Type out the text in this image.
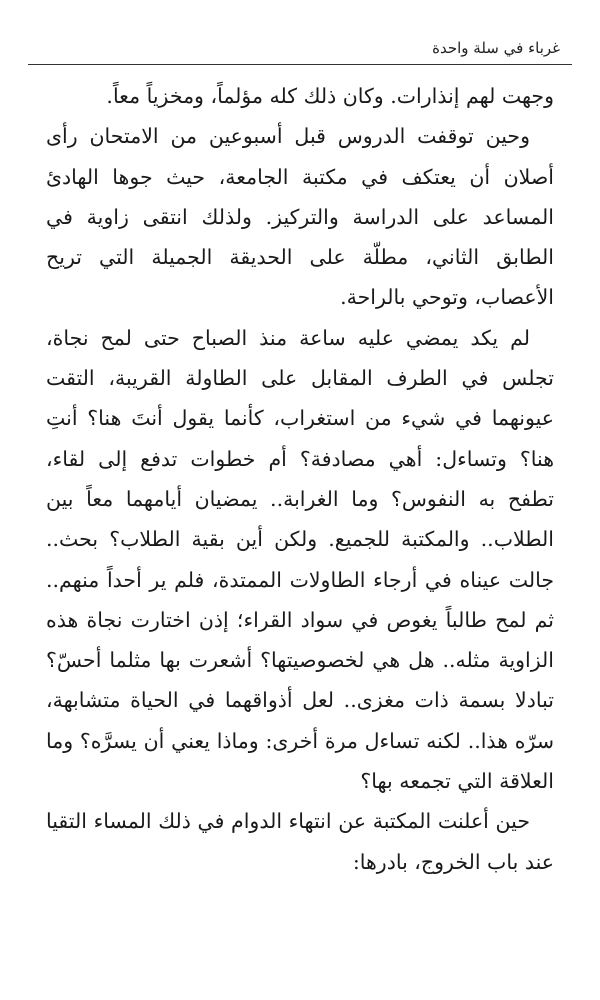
غرباء في سلة واحدة

وجهت لهم إنذارات. وكان ذلك كله مؤلماً، ومخزياً معاً.

وحين توقفت الدروس قبل أسبوعين من الامتحان رأى أصلان أن يعتكف في مكتبة الجامعة، حيث جوها الهادئ المساعد على الدراسة والتركيز. ولذلك انتقى زاوية في الطابق الثاني، مطلّة على الحديقة الجميلة التي تريح الأعصاب، وتوحي بالراحة.

لم يكد يمضي عليه ساعة منذ الصباح حتى لمح نجاة، تجلس في الطرف المقابل على الطاولة القريبة، التقت عيونهما في شيء من استغراب، كأنما يقول أنتَ هنا؟ أنتِ هنا؟ وتساءل: أهي مصادفة؟ أم خطوات تدفع إلى لقاء، تطفح به النفوس؟ وما الغرابة.. يمضيان أيامهما معاً بين الطلاب.. والمكتبة للجميع. ولكن أين بقية الطلاب؟ بحث.. جالت عيناه في أرجاء الطاولات الممتدة، فلم ير أحداً منهم.. ثم لمح طالباً يغوص في سواد القراء؛ إذن اختارت نجاة هذه الزاوية مثله.. هل هي لخصوصيتها؟ أشعرت بها مثلما أحسّ؟ تبادلا بسمة ذات مغزى.. لعل أذواقهما في الحياة متشابهة، سرّه هذا.. لكنه تساءل مرة أخرى: وماذا يعني أن يسرَّه؟ وما العلاقة التي تجمعه بها؟

حين أعلنت المكتبة عن انتهاء الدوام في ذلك المساء التقيا عند باب الخروج، بادرها:
